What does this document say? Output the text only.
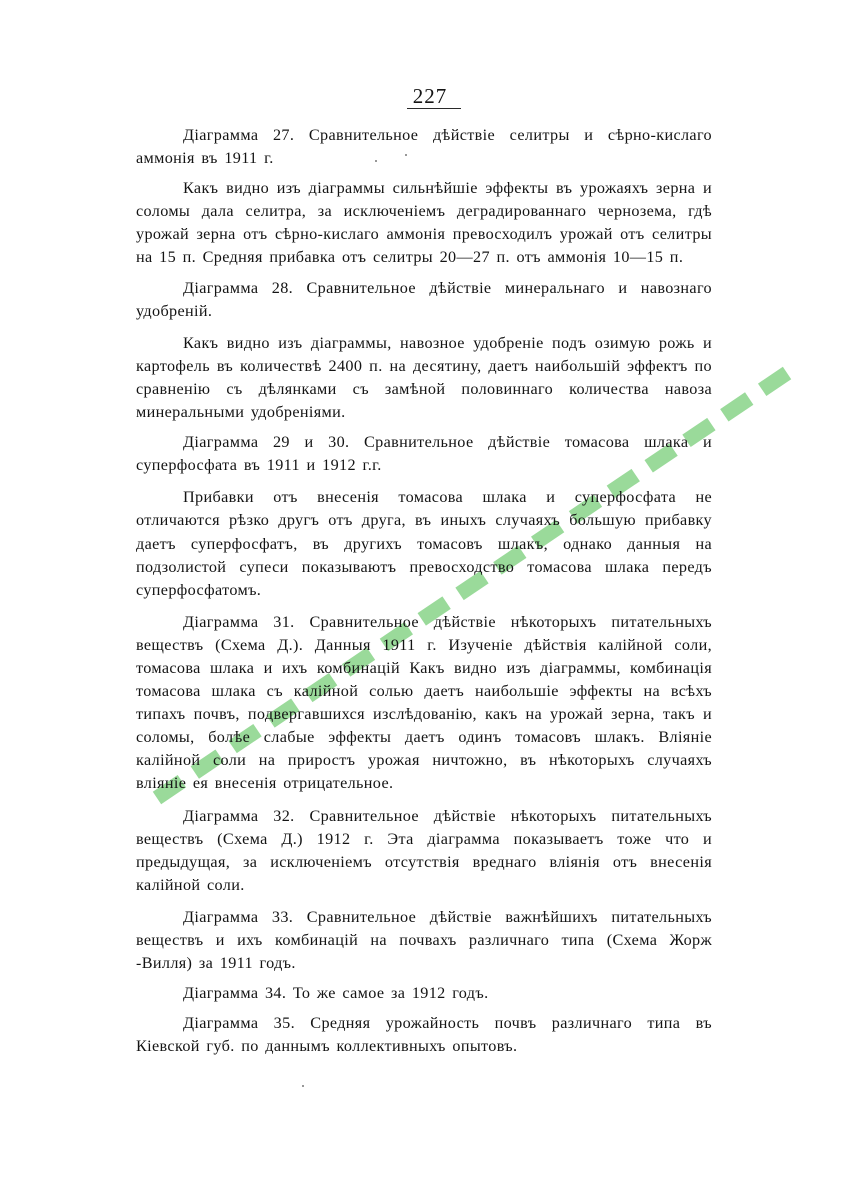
227

Діаграмма 27. Сравнительное дѣйствіе селитры и сѣрно-кислаго аммонія въ 1911 г.

Какъ видно изъ діаграммы сильнѣйшіе эффекты въ урожаяхъ зерна и соломы дала селитра, за исключеніемъ деградированнаго чернозема, гдѣ урожай зерна отъ сѣрно-кислаго аммонія превосходилъ урожай отъ селитры на 15 п. Средняя прибавка отъ селитры 20—27 п. отъ аммонія 10—15 п.

Діаграмма 28. Сравнительное дѣйствіе минеральнаго и навознаго удобреній.

Какъ видно изъ діаграммы, навозное удобреніе подъ озимую рожь и картофель въ количествѣ 2400 п. на десятину, даетъ наибольшій эффектъ по сравненію съ дѣлянками съ замѣной половиннаго количества навоза минеральными удобреніями.

Діаграмма 29 и 30. Сравнительное дѣйствіе томасова шлака и суперфосфата въ 1911 и 1912 г.г.

Прибавки отъ внесенія томасова шлака и суперфосфата не отличаются рѣзко другъ отъ друга, въ иныхъ случаяхъ большую прибавку даетъ суперфосфатъ, въ другихъ томасовъ шлакъ, однако данныя на подзолистой супеси показываютъ превосходство томасова шлака передъ суперфосфатомъ.

Діаграмма 31. Сравнительное дѣйствіе нѣкоторыхъ питательныхъ веществъ (Схема Д.). Данныя 1911 г. Изученіе дѣйствія калійной соли, томасова шлака и ихъ комбинацій Какъ видно изъ діаграммы, комбинація томасова шлака съ калійной солью даетъ наибольшіе эффекты на всѣхъ типахъ почвъ, подвергавшихся изслѣдованію, какъ на урожай зерна, такъ и соломы, болѣе слабые эффекты даетъ одинъ томасовъ шлакъ. Вліяніе калійной соли на приростъ урожая ничтожно, въ нѣкоторыхъ случаяхъ вліяніе ея внесенія отрицательное.

Діаграмма 32. Сравнительное дѣйствіе нѣкоторыхъ питательныхъ веществъ (Схема Д.) 1912 г. Эта діаграмма показываетъ тоже что и предыдущая, за исключеніемъ отсутствія вреднаго вліянія отъ внесенія калійной соли.

Діаграмма 33. Сравнительное дѣйствіе важнѣйшихъ питательныхъ веществъ и ихъ комбинацій на почвахъ различнаго типа (Схема Жорж -Вилля) за 1911 годъ.

Діаграмма 34. То же самое за 1912 годъ.

Діаграмма 35. Средняя урожайность почвъ различнаго типа въ Кіевской губ. по даннымъ коллективныхъ опытовъ.
